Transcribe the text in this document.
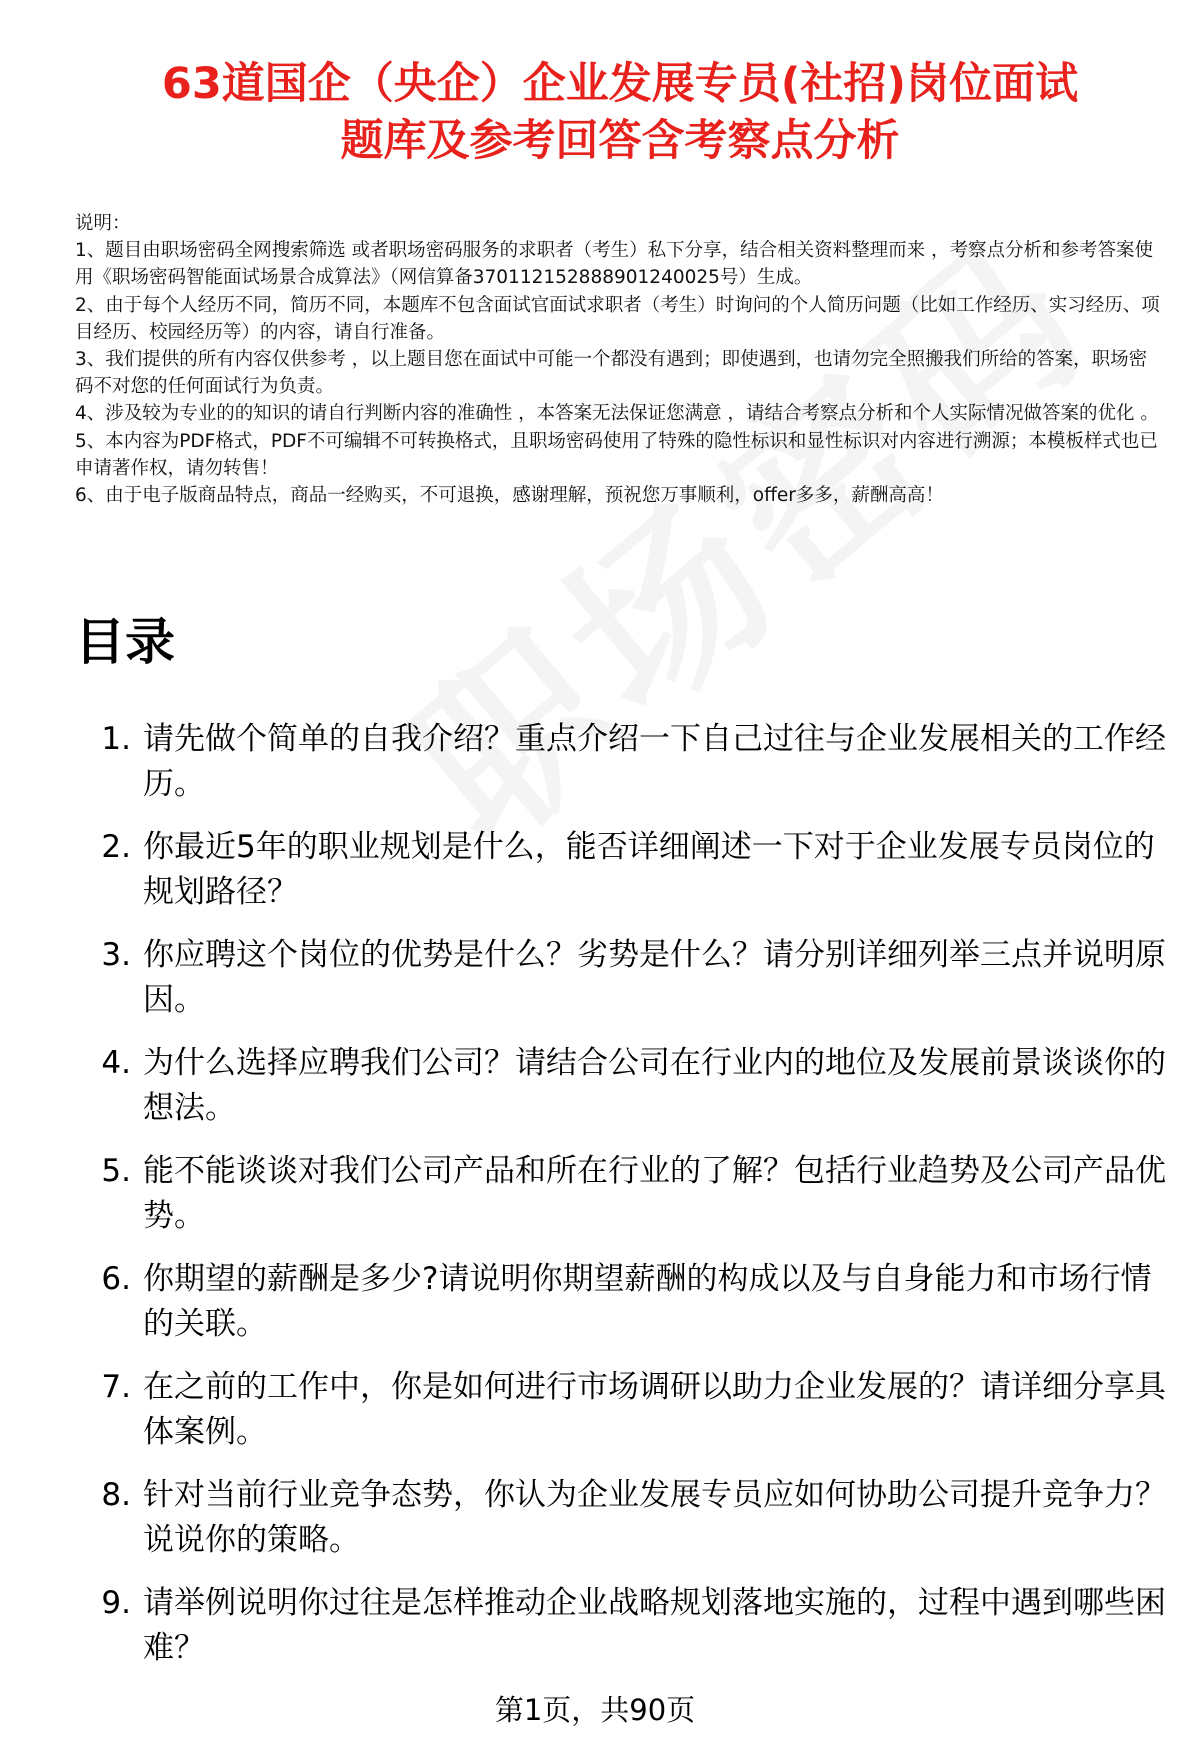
63道国企（央企）企业发展专员(社招)岗位面试
题库及参考回答含考察点分析

说明：

1、题目由职场密码全网搜索筛选 或者职场密码服务的求职者（考生）私下分享，结合相关资料整理而来 ，考察点分析和参考答案使用《职场密码智能面试场景合成算法》（网信算备370112152888901240025号）生成。

2、由于每个人经历不同，简历不同，本题库不包含面试官面试求职者（考生）时询问的个人简历问题（比如工作经历、实习经历、项目经历、校园经历等）的内容，请自行准备。

3、我们提供的所有内容仅供参考 ，以上题目您在面试中可能一个都没有遇到；即使遇到，也请勿完全照搬我们所给的答案，职场密码不对您的任何面试行为负责。

4、涉及较为专业的的知识的请自行判断内容的准确性 ，本答案无法保证您满意 ，请结合考察点分析和个人实际情况做答案的优化 。

5、本内容为PDF格式，PDF不可编辑不可转换格式，且职场密码使用了特殊的隐性标识和显性标识对内容进行溯源；本模板样式也已申请著作权，请勿转售！

6、由于电子版商品特点，商品一经购买，不可退换，感谢理解，预祝您万事顺利，offer多多，薪酬高高！

目录
1. 请先做个简单的自我介绍？重点介绍一下自己过往与企业发展相关的工作经历。
2. 你最近5年的职业规划是什么，能否详细阐述一下对于企业发展专员岗位的规划路径？
3. 你应聘这个岗位的优势是什么？劣势是什么？请分别详细列举三点并说明原因。
4. 为什么选择应聘我们公司？请结合公司在行业内的地位及发展前景谈谈你的想法。
5. 能不能谈谈对我们公司产品和所在行业的了解？包括行业趋势及公司产品优势。
6. 你期望的薪酬是多少?请说明你期望薪酬的构成以及与自身能力和市场行情的关联。
7. 在之前的工作中，你是如何进行市场调研以助力企业发展的？请详细分享具体案例。
8. 针对当前行业竞争态势，你认为企业发展专员应如何协助公司提升竞争力？说说你的策略。
9. 请举例说明你过往是怎样推动企业战略规划落地实施的，过程中遇到哪些困难？
第1页，共90页
